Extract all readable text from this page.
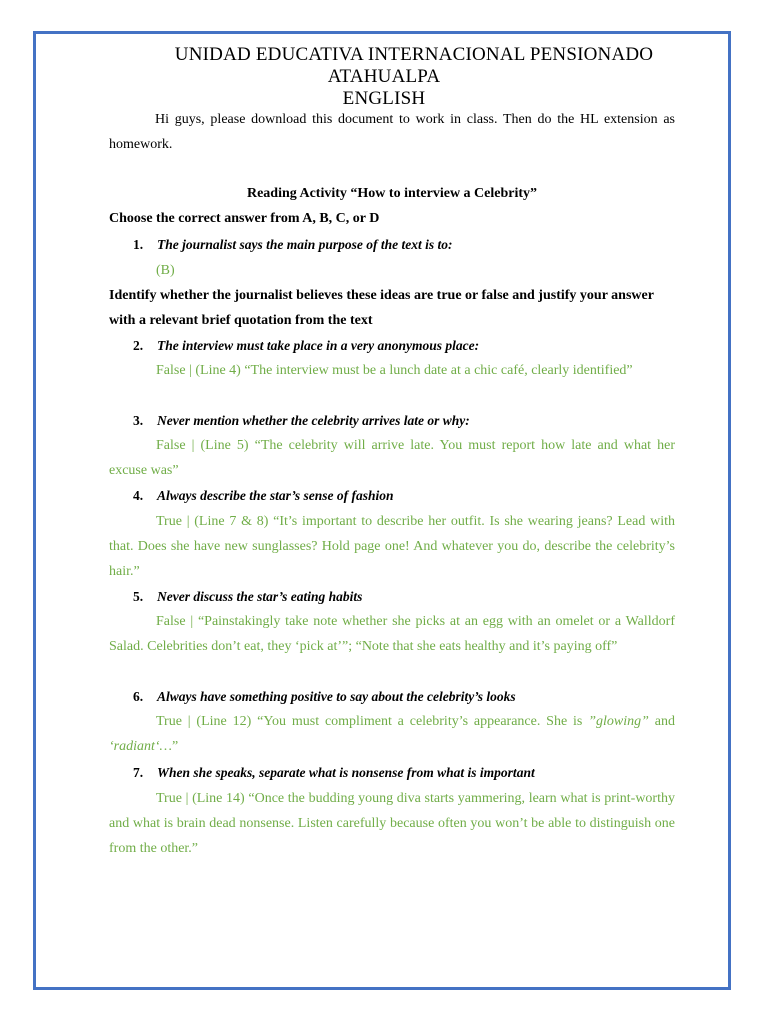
UNIDAD EDUCATIVA INTERNACIONAL PENSIONADO
ATAHUALPA
ENGLISH
Hi guys, please download this document to work in class. Then do the HL extension as homework.
Reading Activity “How to interview a Celebrity”
Choose the correct answer from A, B, C, or D
1. The journalist says the main purpose of the text is to:
(B)
Identify whether the journalist believes these ideas are true or false and justify your answer with a relevant brief quotation from the text
2. The interview must take place in a very anonymous place:
False | (Line 4) “The interview must be a lunch date at a chic café, clearly identified”
3. Never mention whether the celebrity arrives late or why:
False | (Line 5) “The celebrity will arrive late. You must report how late and what her excuse was”
4. Always describe the star’s sense of fashion
True | (Line 7 & 8) “It’s important to describe her outfit. Is she wearing jeans? Lead with that. Does she have new sunglasses? Hold page one! And whatever you do, describe the celebrity’s hair.”
5. Never discuss the star’s eating habits
False | “Painstakingly take note whether she picks at an egg with an omelet or a Walldorf Salad. Celebrities don’t eat, they ‘pick at’”; “Note that she eats healthy and it’s paying off”
6. Always have something positive to say about the celebrity’s looks
True | (Line 12) “You must compliment a celebrity’s appearance. She is ”glowing” and ‘radiant‘…”
7. When she speaks, separate what is nonsense from what is important
True | (Line 14) “Once the budding young diva starts yammering, learn what is print-worthy and what is brain dead nonsense. Listen carefully because often you won’t be able to distinguish one from the other.”
